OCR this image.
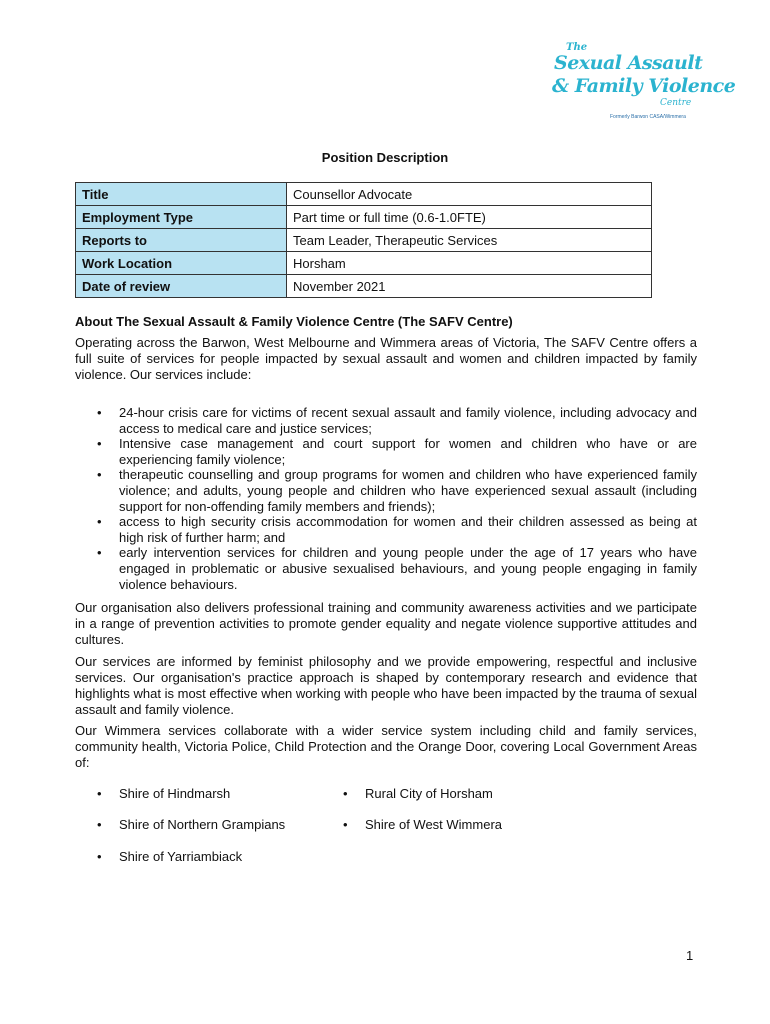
The
Sexual Assault
& Family Violence
Centre
Formerly Barwon CASA/Wimmera
Position Description
Title	Counsellor Advocate
Employment Type	Part time or full time (0.6-1.0FTE)
Reports to	Team Leader, Therapeutic Services
Work Location	Horsham
Date of review	November 2021
About The Sexual Assault & Family Violence Centre (The SAFV Centre)
Operating across the Barwon, West Melbourne and Wimmera areas of Victoria, The SAFV Centre offers a full suite of services for people impacted by sexual assault and women and children impacted by family violence. Our services include:
• 24-hour crisis care for victims of recent sexual assault and family violence, including advocacy and access to medical care and justice services;
• Intensive case management and court support for women and children who have or are experiencing family violence;
• therapeutic counselling and group programs for women and children who have experienced family violence; and adults, young people and children who have experienced sexual assault (including support for non-offending family members and friends);
• access to high security crisis accommodation for women and their children assessed as being at high risk of further harm; and
• early intervention services for children and young people under the age of 17 years who have engaged in problematic or abusive sexualised behaviours, and young people engaging in family violence behaviours.
Our organisation also delivers professional training and community awareness activities and we participate in a range of prevention activities to promote gender equality and negate violence supportive attitudes and cultures.
Our services are informed by feminist philosophy and we provide empowering, respectful and inclusive services. Our organisation's practice approach is shaped by contemporary research and evidence that highlights what is most effective when working with people who have been impacted by the trauma of sexual assault and family violence.
Our Wimmera services collaborate with a wider service system including child and family services, community health, Victoria Police, Child Protection and the Orange Door, covering Local Government Areas of:
• Shire of Hindmarsh	• Rural City of Horsham
• Shire of Northern Grampians	• Shire of West Wimmera
• Shire of Yarriambiack
1
